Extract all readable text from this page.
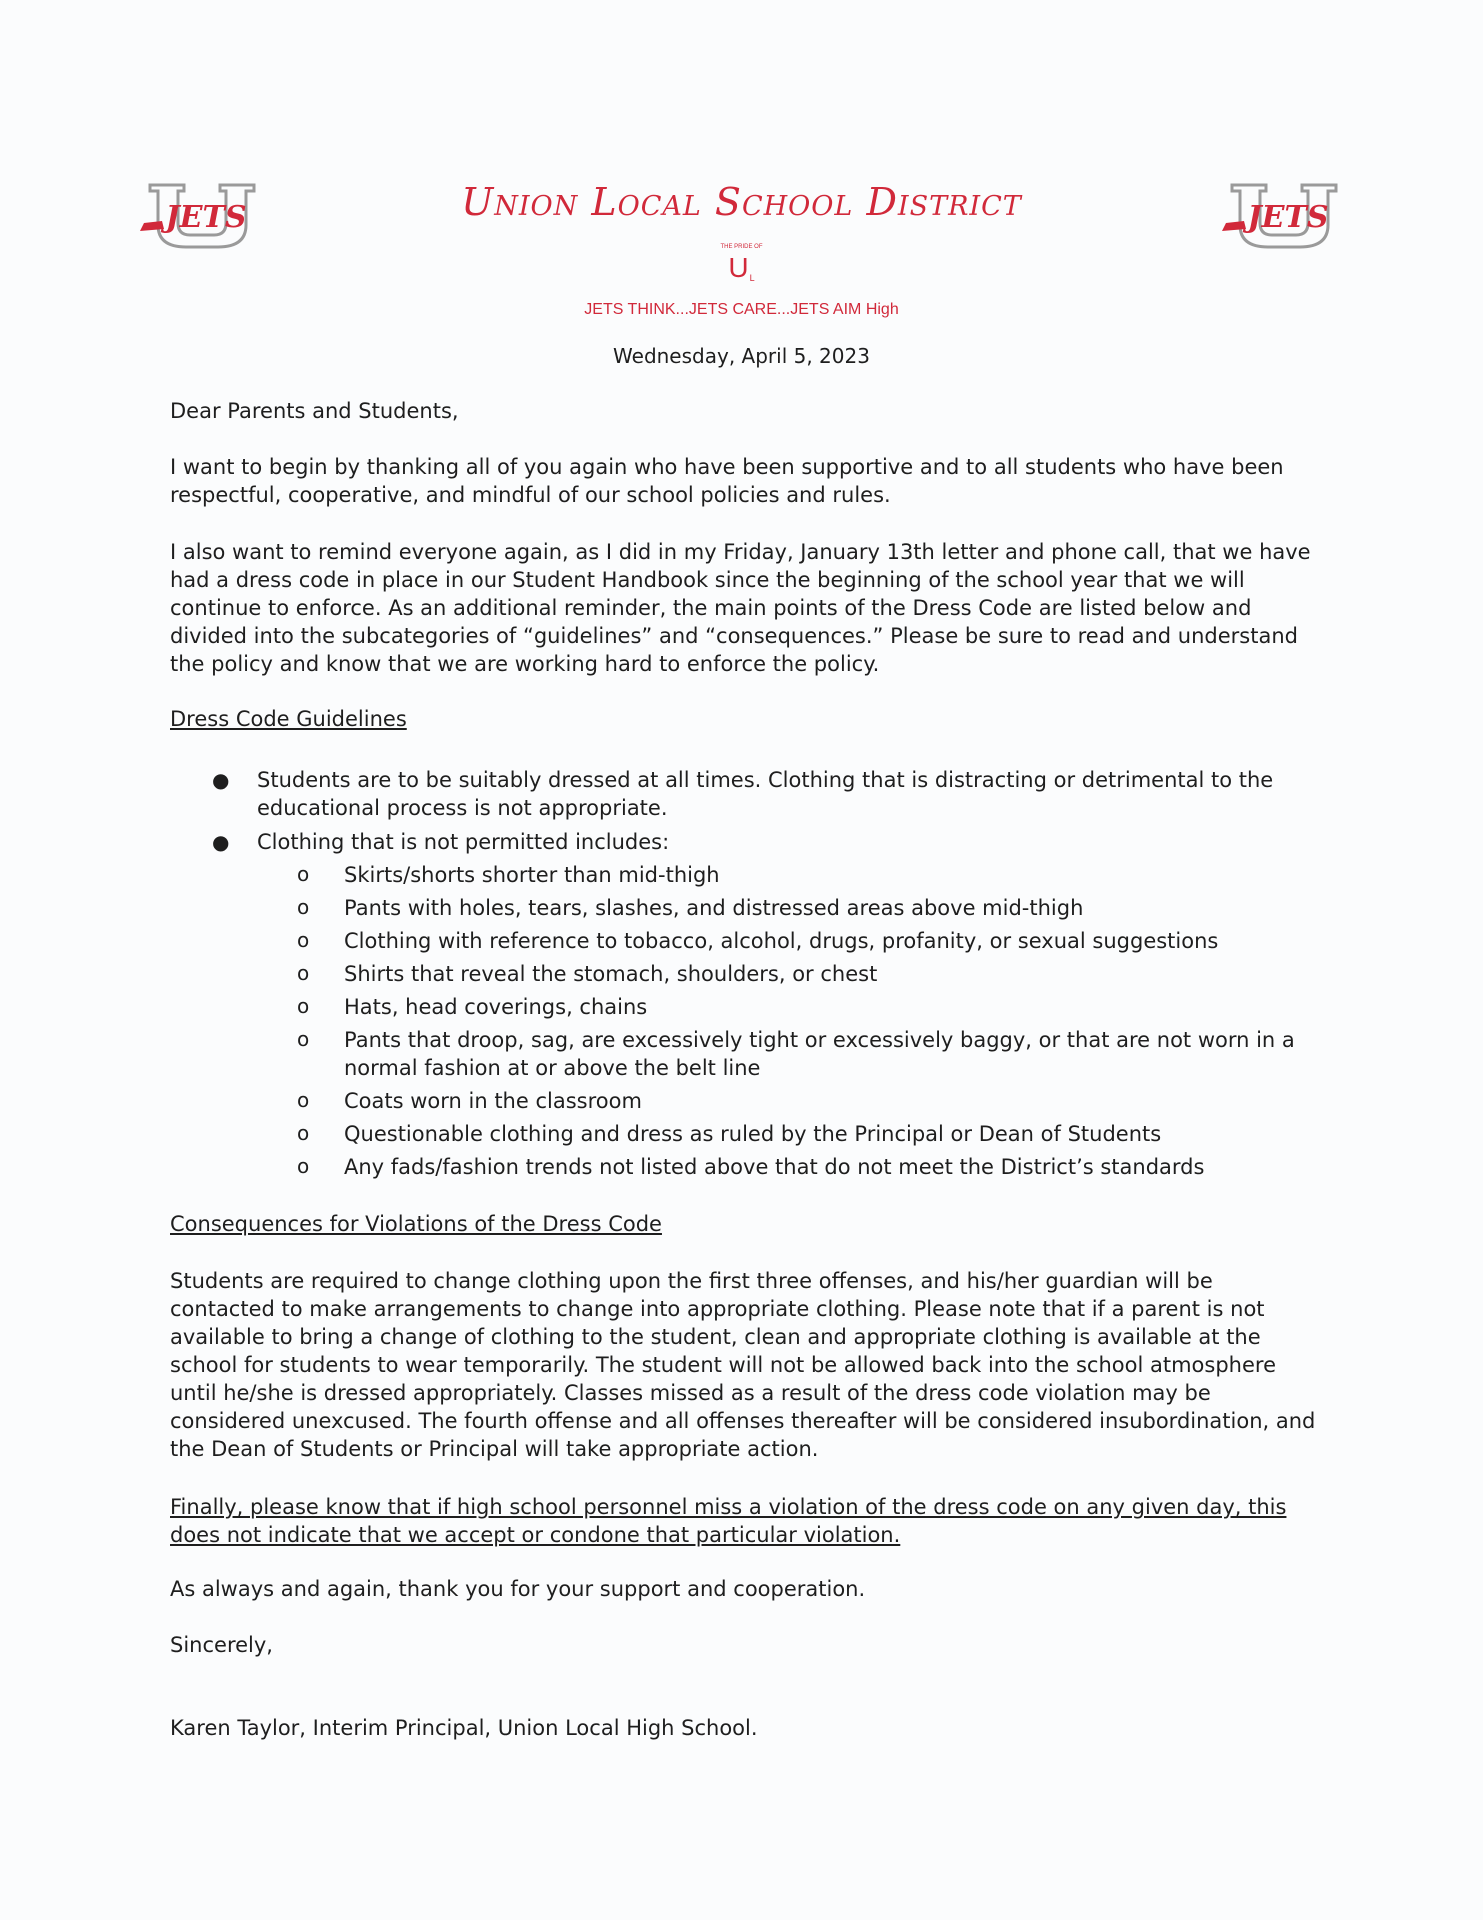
JETS	JETS
Union Local School District
THE PRIDE OF
UL
JETS THINK...JETS CARE...JETS AIM High
Wednesday, April 5, 2023
Dear Parents and Students,
I want to begin by thanking all of you again who have been supportive and to all students who have been respectful, cooperative, and mindful of our school policies and rules.
I also want to remind everyone again, as I did in my Friday, January 13th letter and phone call, that we have had a dress code in place in our Student Handbook since the beginning of the school year that we will continue to enforce. As an additional reminder, the main points of the Dress Code are listed below and divided into the subcategories of “guidelines” and “consequences.” Please be sure to read and understand the policy and know that we are working hard to enforce the policy.
Dress Code Guidelines
● Students are to be suitably dressed at all times. Clothing that is distracting or detrimental to the educational process is not appropriate.
● Clothing that is not permitted includes:
o Skirts/shorts shorter than mid-thigh
o Pants with holes, tears, slashes, and distressed areas above mid-thigh
o Clothing with reference to tobacco, alcohol, drugs, profanity, or sexual suggestions
o Shirts that reveal the stomach, shoulders, or chest
o Hats, head coverings, chains
o Pants that droop, sag, are excessively tight or excessively baggy, or that are not worn in a normal fashion at or above the belt line
o Coats worn in the classroom
o Questionable clothing and dress as ruled by the Principal or Dean of Students
o Any fads/fashion trends not listed above that do not meet the District’s standards
Consequences for Violations of the Dress Code
Students are required to change clothing upon the first three offenses, and his/her guardian will be contacted to make arrangements to change into appropriate clothing. Please note that if a parent is not available to bring a change of clothing to the student, clean and appropriate clothing is available at the school for students to wear temporarily. The student will not be allowed back into the school atmosphere until he/she is dressed appropriately. Classes missed as a result of the dress code violation may be considered unexcused. The fourth offense and all offenses thereafter will be considered insubordination, and the Dean of Students or Principal will take appropriate action.
Finally, please know that if high school personnel miss a violation of the dress code on any given day, this does not indicate that we accept or condone that particular violation.
As always and again, thank you for your support and cooperation.
Sincerely,
Karen Taylor, Interim Principal, Union Local High School.
